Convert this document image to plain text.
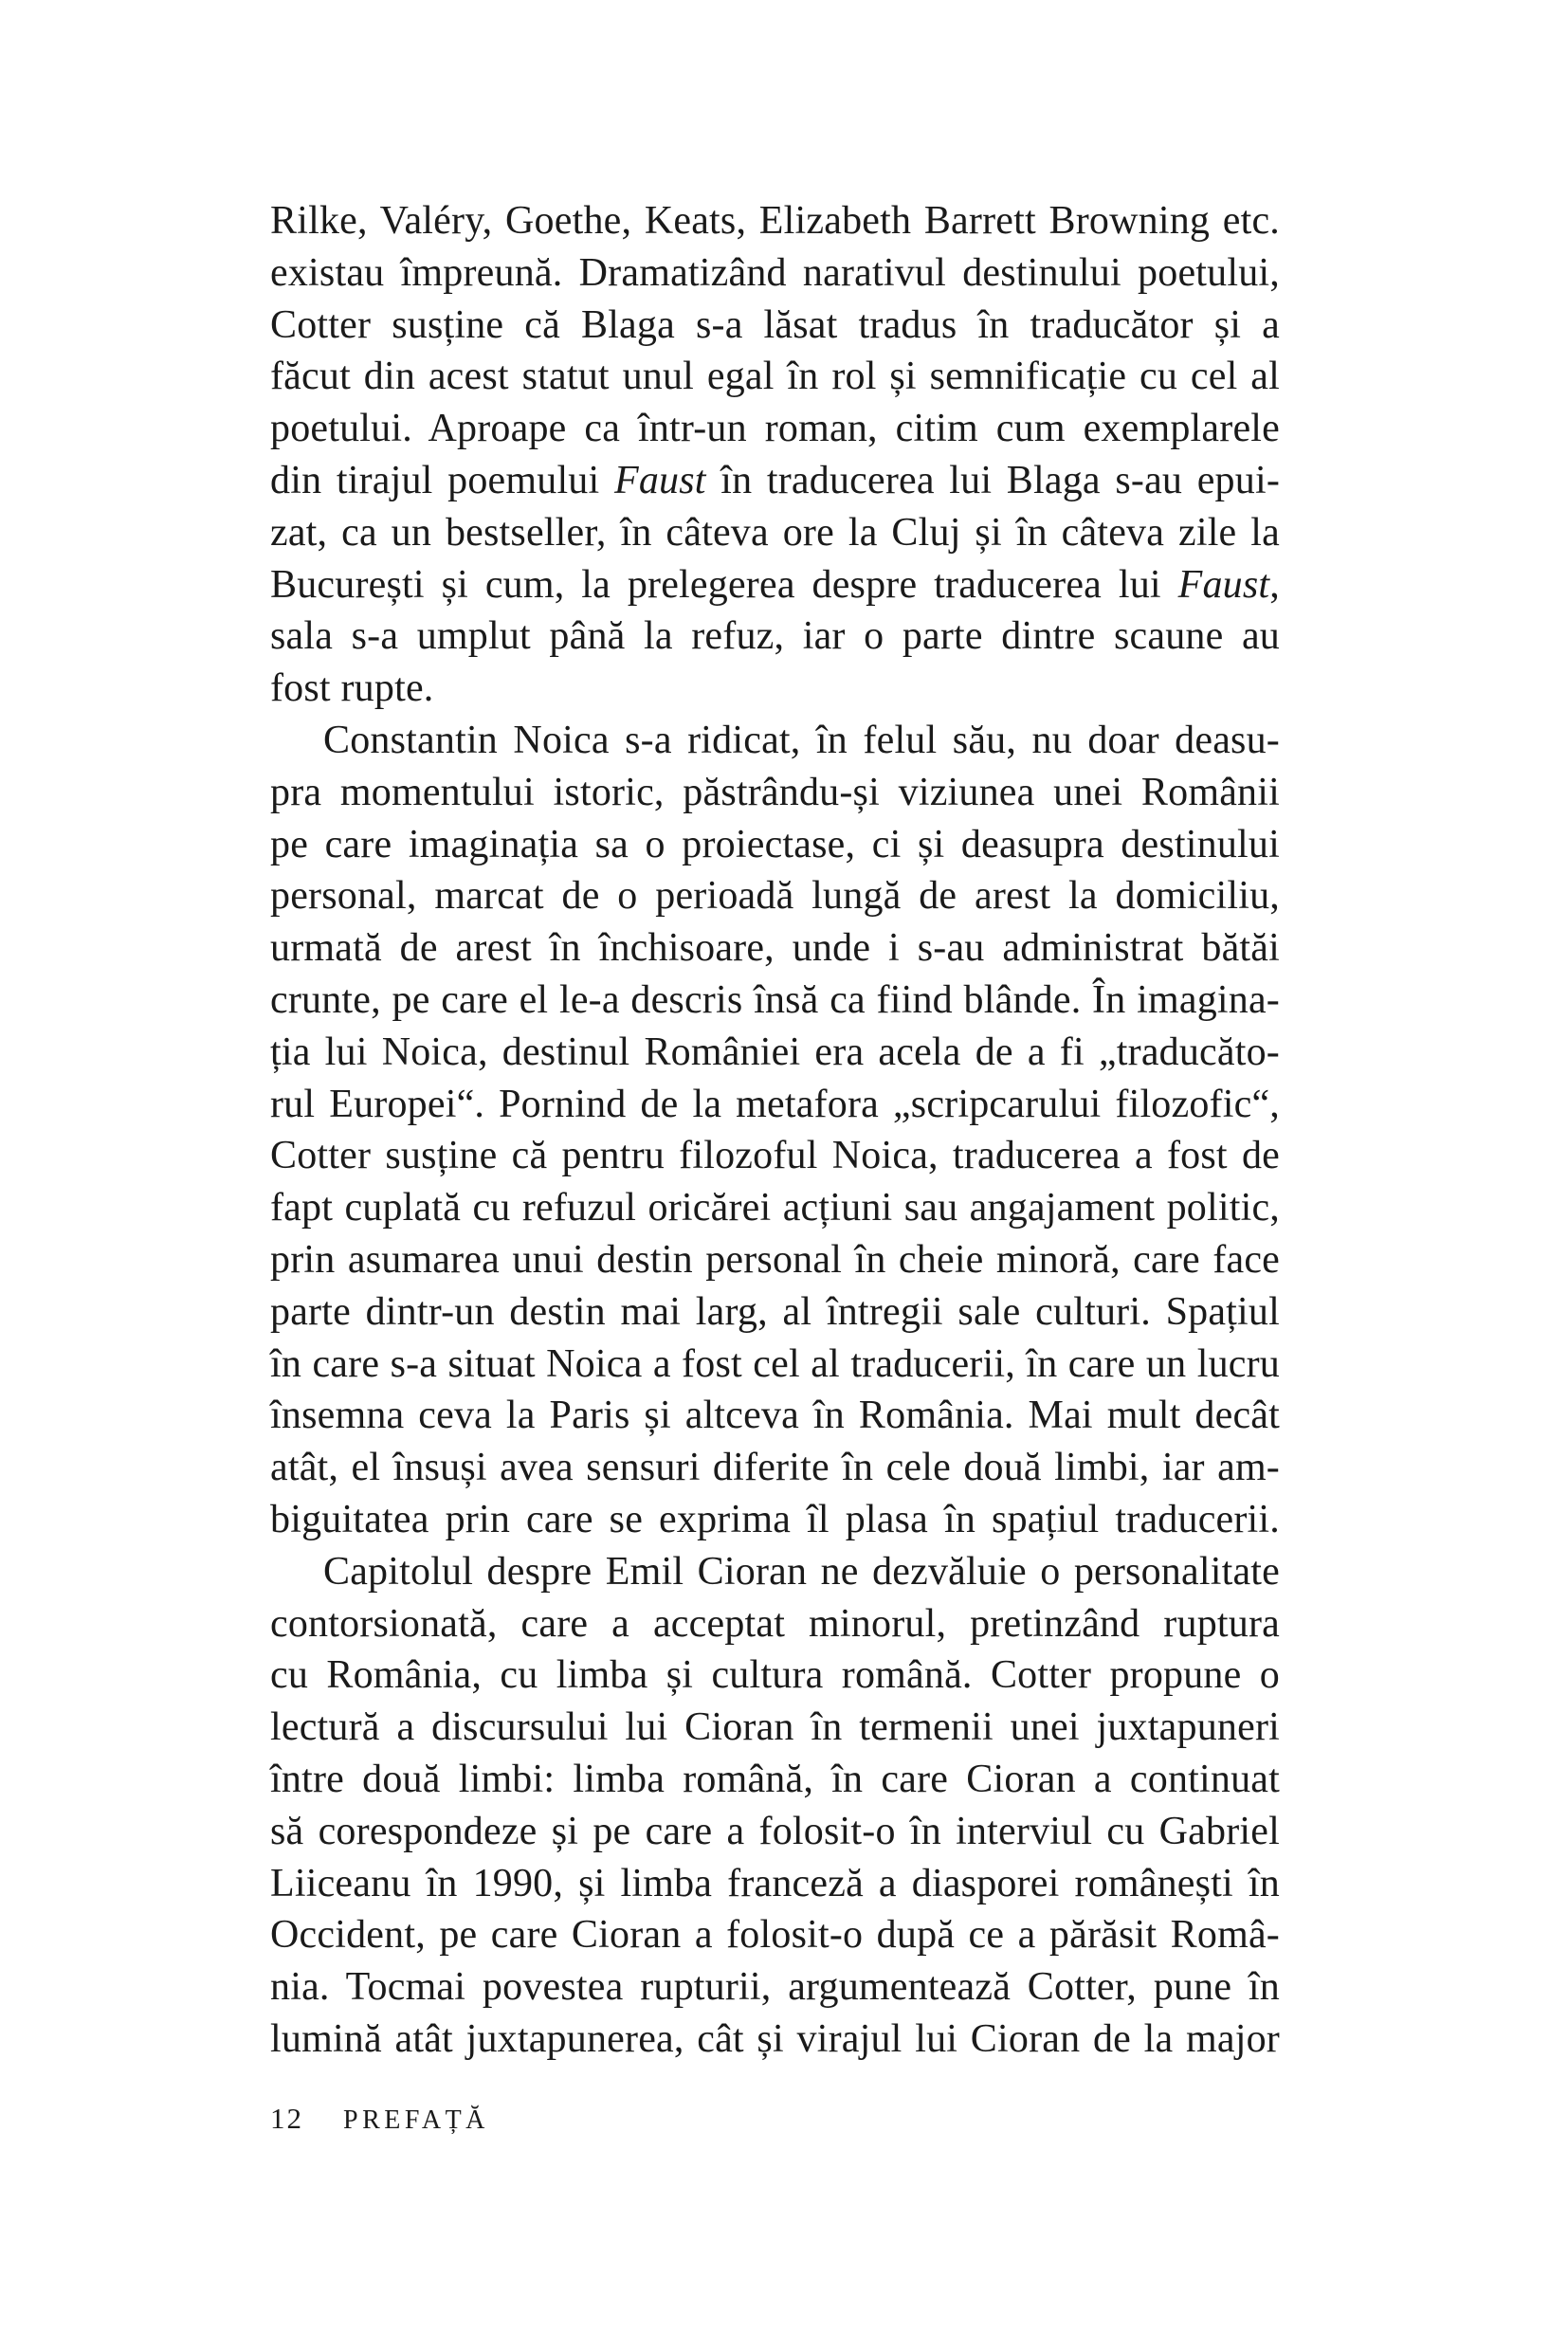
Rilke, Valéry, Goethe, Keats, Elizabeth Barrett Browning etc.
existau împreună. Dramatizând narativul destinului poetului,
Cotter susține că Blaga s-a lăsat tradus în traducător și a
făcut din acest statut unul egal în rol și semnificație cu cel al
poetului. Aproape ca într-un roman, citim cum exemplarele
din tirajul poemului Faust în traducerea lui Blaga s-au epui-
zat, ca un bestseller, în câteva ore la Cluj și în câteva zile la
București și cum, la prelegerea despre traducerea lui Faust,
sala s-a umplut până la refuz, iar o parte dintre scaune au
fost rupte.
Constantin Noica s-a ridicat, în felul său, nu doar deasu-
pra momentului istoric, păstrându-și viziunea unei Românii
pe care imaginația sa o proiectase, ci și deasupra destinului
personal, marcat de o perioadă lungă de arest la domiciliu,
urmată de arest în închisoare, unde i s-au administrat bătăi
crunte, pe care el le-a descris însă ca fiind blânde. În imagina-
ția lui Noica, destinul României era acela de a fi „traducăto-
rul Europei“. Pornind de la metafora „scripcarului filozofic“,
Cotter susține că pentru filozoful Noica, traducerea a fost de
fapt cuplată cu refuzul oricărei acțiuni sau angajament politic,
prin asumarea unui destin personal în cheie minoră, care face
parte dintr-un destin mai larg, al întregii sale culturi. Spațiul
în care s-a situat Noica a fost cel al traducerii, în care un lucru
însemna ceva la Paris și altceva în România. Mai mult decât
atât, el însuși avea sensuri diferite în cele două limbi, iar am-
biguitatea prin care se exprima îl plasa în spațiul traducerii.
Capitolul despre Emil Cioran ne dezvăluie o personalitate
contorsionată, care a acceptat minorul, pretinzând ruptura
cu România, cu limba și cultura română. Cotter propune o
lectură a discursului lui Cioran în termenii unei juxtapuneri
între două limbi: limba română, în care Cioran a continuat
să corespondeze și pe care a folosit-o în interviul cu Gabriel
Liiceanu în 1990, și limba franceză a diasporei românești în
Occident, pe care Cioran a folosit-o după ce a părăsit Româ-
nia. Tocmai povestea rupturii, argumentează Cotter, pune în
lumină atât juxtapunerea, cât și virajul lui Cioran de la major
12 PREFAȚĂ
